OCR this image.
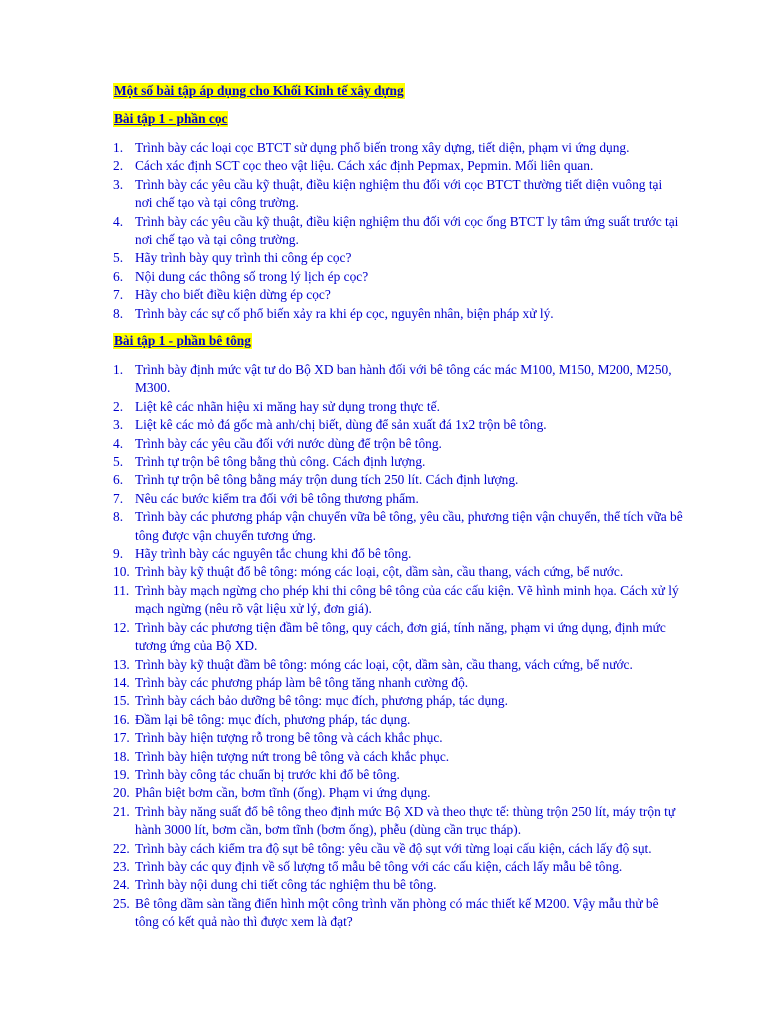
Một số bài tập áp dụng cho Khối Kinh tế xây dựng
Bài tập 1 - phần cọc
1. Trình bày các loại cọc BTCT sử dụng phổ biến trong xây dựng, tiết diện, phạm vi ứng dụng.
2. Cách xác định SCT cọc theo vật liệu. Cách xác định Pepmax, Pepmin. Mối liên quan.
3. Trình bày các yêu cầu kỹ thuật, điều kiện nghiệm thu đối với cọc BTCT thường tiết diện vuông tại nơi chế tạo và tại công trường.
4. Trình bày các yêu cầu kỹ thuật, điều kiện nghiệm thu đối với cọc ống BTCT ly tâm ứng suất trước tại nơi chế tạo và tại công trường.
5. Hãy trình bày quy trình thi công ép cọc?
6. Nội dung các thông số trong lý lịch ép cọc?
7. Hãy cho biết điều kiện dừng ép cọc?
8. Trình bày các sự cố phổ biến xảy ra khi ép cọc, nguyên nhân, biện pháp xử lý.
Bài tập 1 - phần bê tông
1. Trình bày định mức vật tư do Bộ XD ban hành đối với bê tông các mác M100, M150, M200, M250, M300.
2. Liệt kê các nhãn hiệu xi măng hay sử dụng trong thực tế.
3. Liệt kê các mỏ đá gốc mà anh/chị biết, dùng để sản xuất đá 1x2 trộn bê tông.
4. Trình bày các yêu cầu đối với nước dùng để trộn bê tông.
5. Trình tự trộn bê tông bằng thủ công. Cách định lượng.
6. Trình tự trộn bê tông bằng máy trộn dung tích 250 lít. Cách định lượng.
7. Nêu các bước kiểm tra đối với bê tông thương phẩm.
8. Trình bày các phương pháp vận chuyển vữa bê tông, yêu cầu, phương tiện vận chuyển, thể tích vữa bê tông được vận chuyển tương ứng.
9. Hãy trình bày các nguyên tắc chung khi đổ bê tông.
10. Trình bày kỹ thuật đổ bê tông: móng các loại, cột, dầm sàn, cầu thang, vách cứng, bể nước.
11. Trình bày mạch ngừng cho phép khi thi công bê tông của các cấu kiện. Vẽ hình minh họa. Cách xử lý mạch ngừng (nêu rõ vật liệu xử lý, đơn giá).
12. Trình bày các phương tiện đầm bê tông, quy cách, đơn giá, tính năng, phạm vi ứng dụng, định mức tương ứng của Bộ XD.
13. Trình bày kỹ thuật đầm bê tông: móng các loại, cột, dầm sàn, cầu thang, vách cứng, bể nước.
14. Trình bày các phương pháp làm bê tông tăng nhanh cường độ.
15. Trình bày cách bảo dưỡng bê tông: mục đích, phương pháp, tác dụng.
16. Đầm lại bê tông: mục đích, phương pháp, tác dụng.
17. Trình bày hiện tượng rỗ trong bê tông và cách khắc phục.
18. Trình bày hiện tượng nứt trong bê tông và cách khắc phục.
19. Trình bày công tác chuẩn bị trước khi đổ bê tông.
20. Phân biệt bơm cần, bơm tĩnh (ống). Phạm vi ứng dụng.
21. Trình bày năng suất đổ bê tông theo định mức Bộ XD và theo thực tế: thùng trộn 250 lít, máy trộn tự hành 3000 lít, bơm cần, bơm tĩnh (bơm ống), phễu (dùng cần trục tháp).
22. Trình bày cách kiểm tra độ sụt bê tông: yêu cầu về độ sụt với từng loại cấu kiện, cách lấy độ sụt.
23. Trình bày các quy định về số lượng tổ mẫu bê tông với các cấu kiện, cách lấy mẫu bê tông.
24. Trình bày nội dung chi tiết công tác nghiệm thu bê tông.
25. Bê tông dầm sàn tầng điển hình một công trình văn phòng có mác thiết kế M200. Vậy mẫu thử bê tông có kết quả nào thì được xem là đạt?
